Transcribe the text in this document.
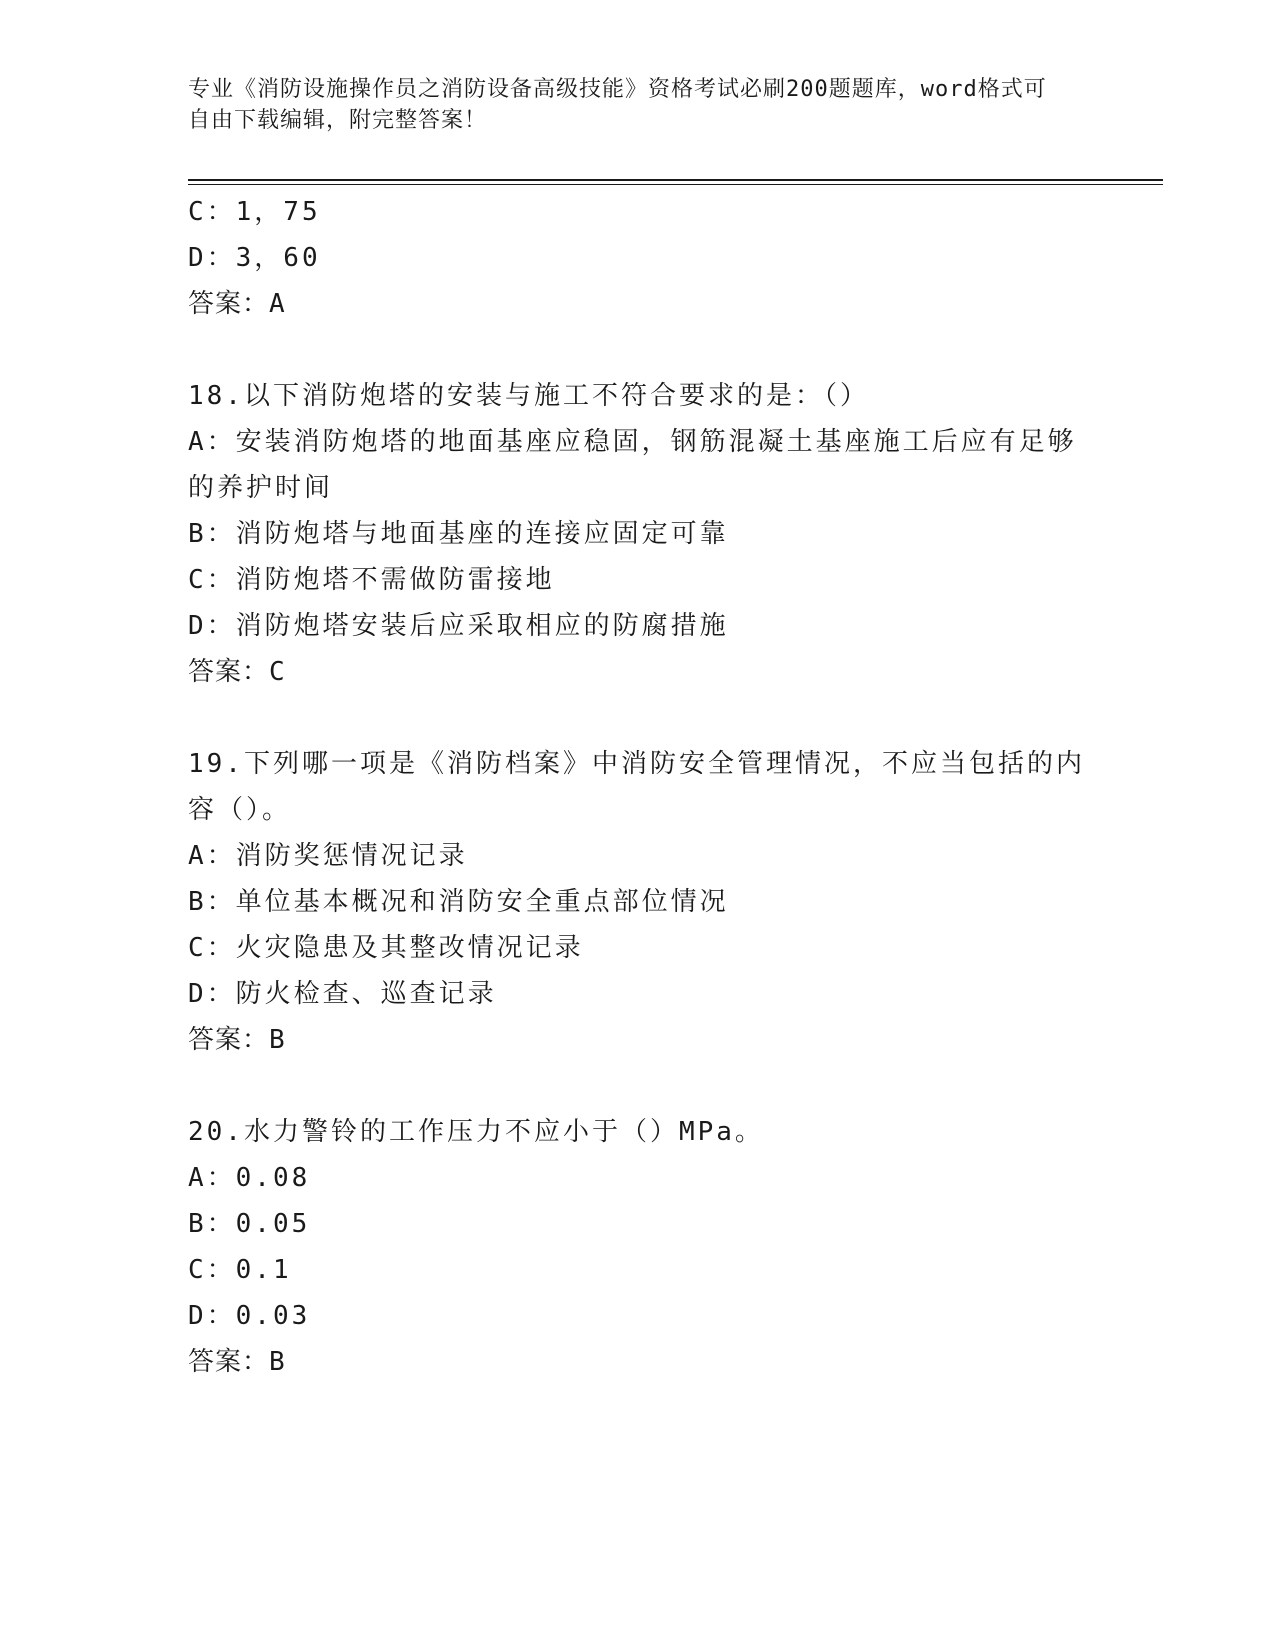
专业《消防设施操作员之消防设备高级技能》资格考试必刷200题题库，word格式可自由下载编辑，附完整答案！
C：1，75
D：3，60
答案：A
18.以下消防炮塔的安装与施工不符合要求的是：（）
A：安装消防炮塔的地面基座应稳固，钢筋混凝土基座施工后应有足够的养护时间
B：消防炮塔与地面基座的连接应固定可靠
C：消防炮塔不需做防雷接地
D：消防炮塔安装后应采取相应的防腐措施
答案：C
19.下列哪一项是《消防档案》中消防安全管理情况，不应当包括的内容（）。
A：消防奖惩情况记录
B：单位基本概况和消防安全重点部位情况
C：火灾隐患及其整改情况记录
D：防火检查、巡查记录
答案：B
20.水力警铃的工作压力不应小于（）MPa。
A：0.08
B：0.05
C：0.1
D：0.03
答案：B
